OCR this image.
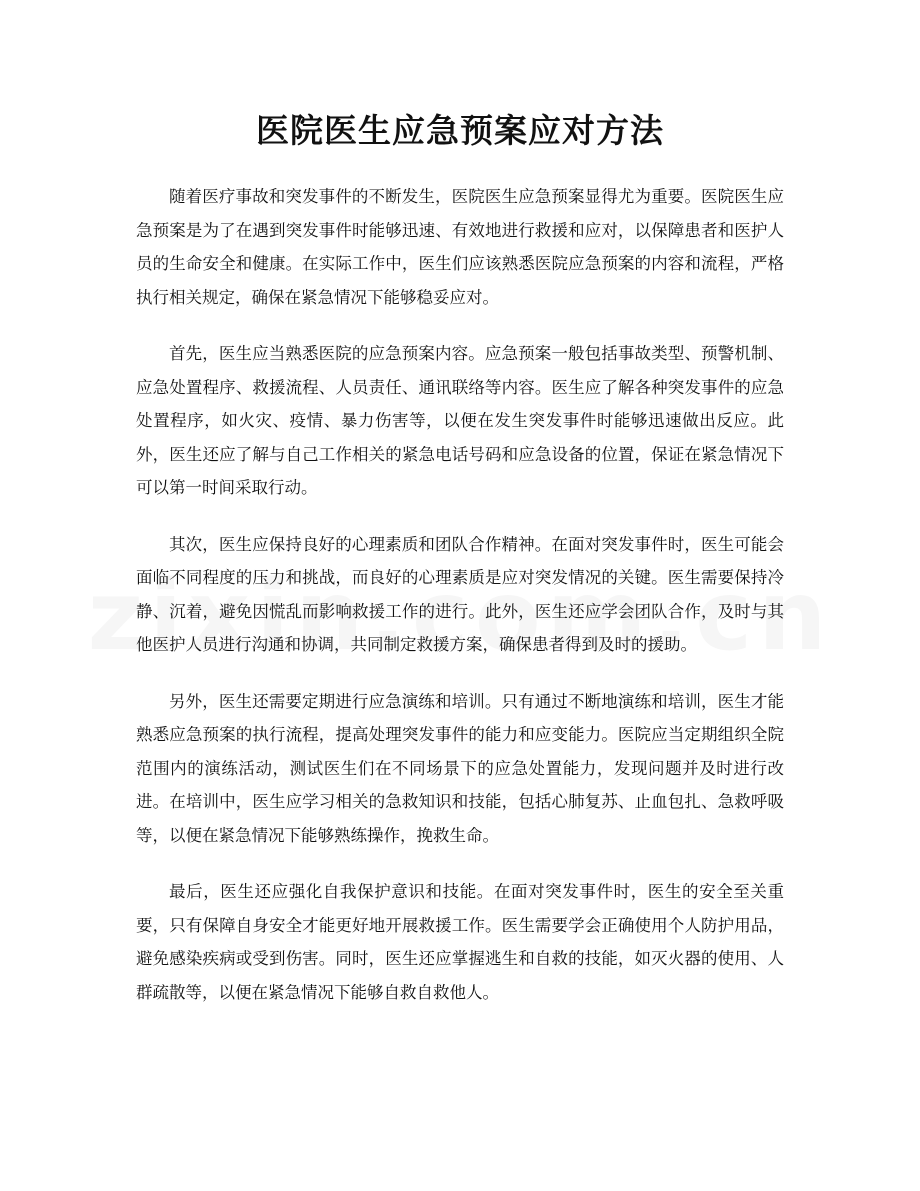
医院医生应急预案应对方法

随着医疗事故和突发事件的不断发生，医院医生应急预案显得尤为重要。医院医生应急预案是为了在遇到突发事件时能够迅速、有效地进行救援和应对，以保障患者和医护人员的生命安全和健康。在实际工作中，医生们应该熟悉医院应急预案的内容和流程，严格执行相关规定，确保在紧急情况下能够稳妥应对。

首先，医生应当熟悉医院的应急预案内容。应急预案一般包括事故类型、预警机制、应急处置程序、救援流程、人员责任、通讯联络等内容。医生应了解各种突发事件的应急处置程序，如火灾、疫情、暴力伤害等，以便在发生突发事件时能够迅速做出反应。此外，医生还应了解与自己工作相关的紧急电话号码和应急设备的位置，保证在紧急情况下可以第一时间采取行动。

其次，医生应保持良好的心理素质和团队合作精神。在面对突发事件时，医生可能会面临不同程度的压力和挑战，而良好的心理素质是应对突发情况的关键。医生需要保持冷静、沉着，避免因慌乱而影响救援工作的进行。此外，医生还应学会团队合作，及时与其他医护人员进行沟通和协调，共同制定救援方案，确保患者得到及时的援助。

另外，医生还需要定期进行应急演练和培训。只有通过不断地演练和培训，医生才能熟悉应急预案的执行流程，提高处理突发事件的能力和应变能力。医院应当定期组织全院范围内的演练活动，测试医生们在不同场景下的应急处置能力，发现问题并及时进行改进。在培训中，医生应学习相关的急救知识和技能，包括心肺复苏、止血包扎、急救呼吸等，以便在紧急情况下能够熟练操作，挽救生命。

最后，医生还应强化自我保护意识和技能。在面对突发事件时，医生的安全至关重要，只有保障自身安全才能更好地开展救援工作。医生需要学会正确使用个人防护用品，避免感染疾病或受到伤害。同时，医生还应掌握逃生和自救的技能，如灭火器的使用、人群疏散等，以便在紧急情况下能够自救自救他人。
